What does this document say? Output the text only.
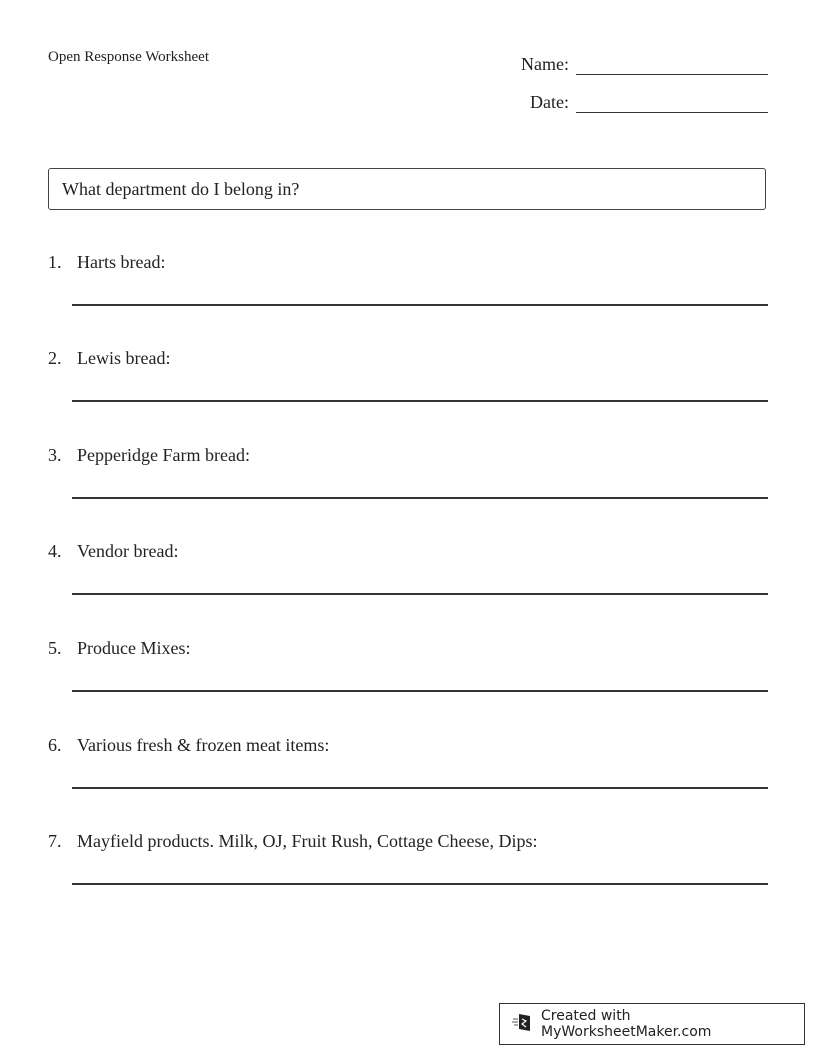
Open Response Worksheet	Name:
Date:
What department do I belong in?
1. Harts bread:
2. Lewis bread:
3. Pepperidge Farm bread:
4. Vendor bread:
5. Produce Mixes:
6. Various fresh & frozen meat items:
7. Mayfield products. Milk, OJ, Fruit Rush, Cottage Cheese, Dips:
Created with MyWorksheetMaker.com
